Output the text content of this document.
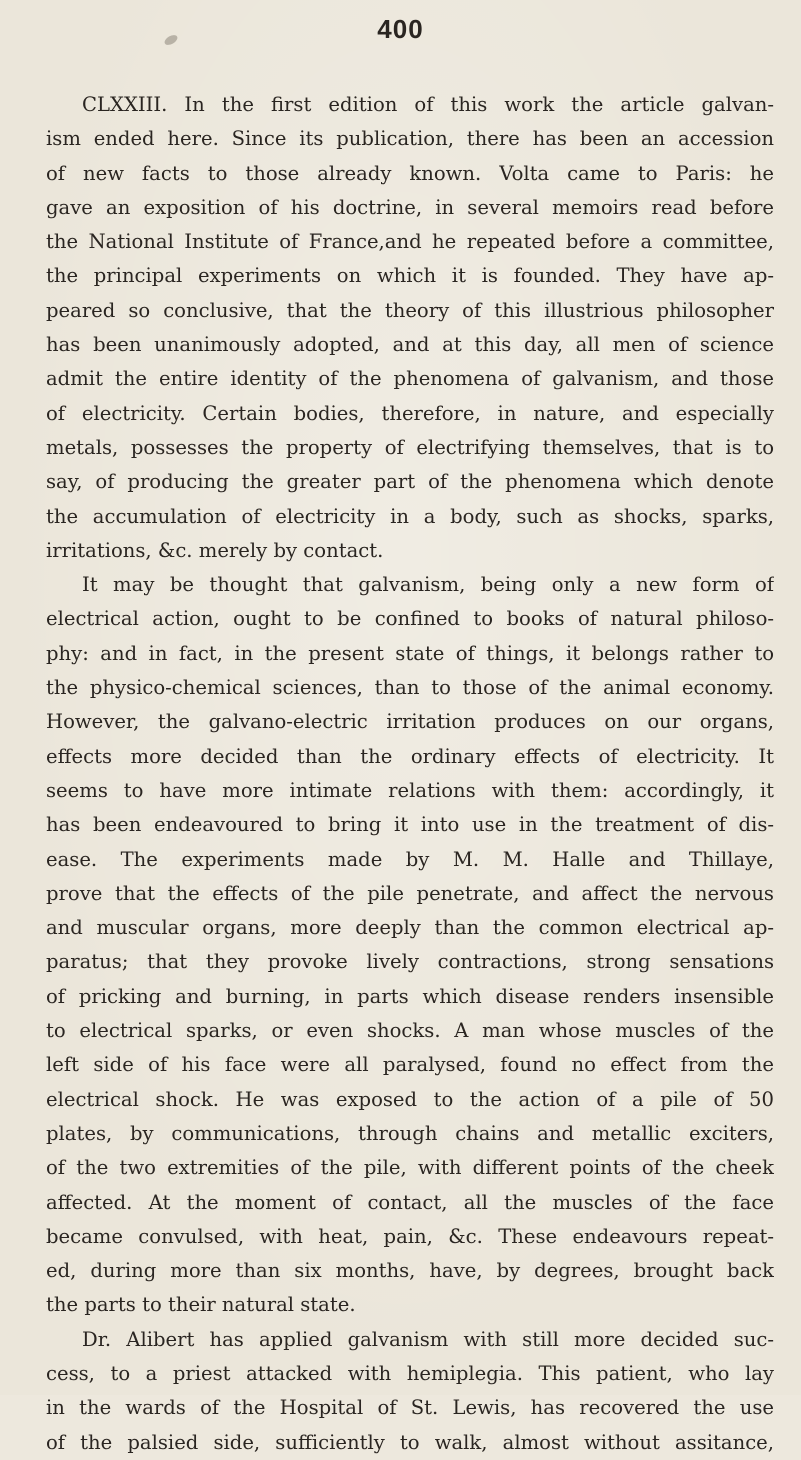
400
CLXXIII. In the first edition of this work the article galvan-
ism ended here. Since its publication, there has been an accession
of new facts to those already known. Volta came to Paris: he
gave an exposition of his doctrine, in several memoirs read before
the National Institute of France,and he repeated before a committee,
the principal experiments on which it is founded. They have ap-
peared so conclusive, that the theory of this illustrious philosopher
has been unanimously adopted, and at this day, all men of science
admit the entire identity of the phenomena of galvanism, and those
of electricity. Certain bodies, therefore, in nature, and especially
metals, possesses the property of electrifying themselves, that is to
say, of producing the greater part of the phenomena which denote
the accumulation of electricity in a body, such as shocks, sparks,
irritations, &c. merely by contact.
It may be thought that galvanism, being only a new form of
electrical action, ought to be confined to books of natural philoso-
phy: and in fact, in the present state of things, it belongs rather to
the physico-chemical sciences, than to those of the animal economy.
However, the galvano-electric irritation produces on our organs,
effects more decided than the ordinary effects of electricity. It
seems to have more intimate relations with them: accordingly, it
has been endeavoured to bring it into use in the treatment of dis-
ease. The experiments made by M. M. Halle and Thillaye,
prove that the effects of the pile penetrate, and affect the nervous
and muscular organs, more deeply than the common electrical ap-
paratus; that they provoke lively contractions, strong sensations
of pricking and burning, in parts which disease renders insensible
to electrical sparks, or even shocks. A man whose muscles of the
left side of his face were all paralysed, found no effect from the
electrical shock. He was exposed to the action of a pile of 50
plates, by communications, through chains and metallic exciters,
of the two extremities of the pile, with different points of the cheek
affected. At the moment of contact, all the muscles of the face
became convulsed, with heat, pain, &c. These endeavours repeat-
ed, during more than six months, have, by degrees, brought back
the parts to their natural state.
Dr. Alibert has applied galvanism with still more decided suc-
cess, to a priest attacked with hemiplegia. This patient, who lay
in the wards of the Hospital of St. Lewis, has recovered the use
of the palsied side, sufficiently to walk, almost without assitance,
